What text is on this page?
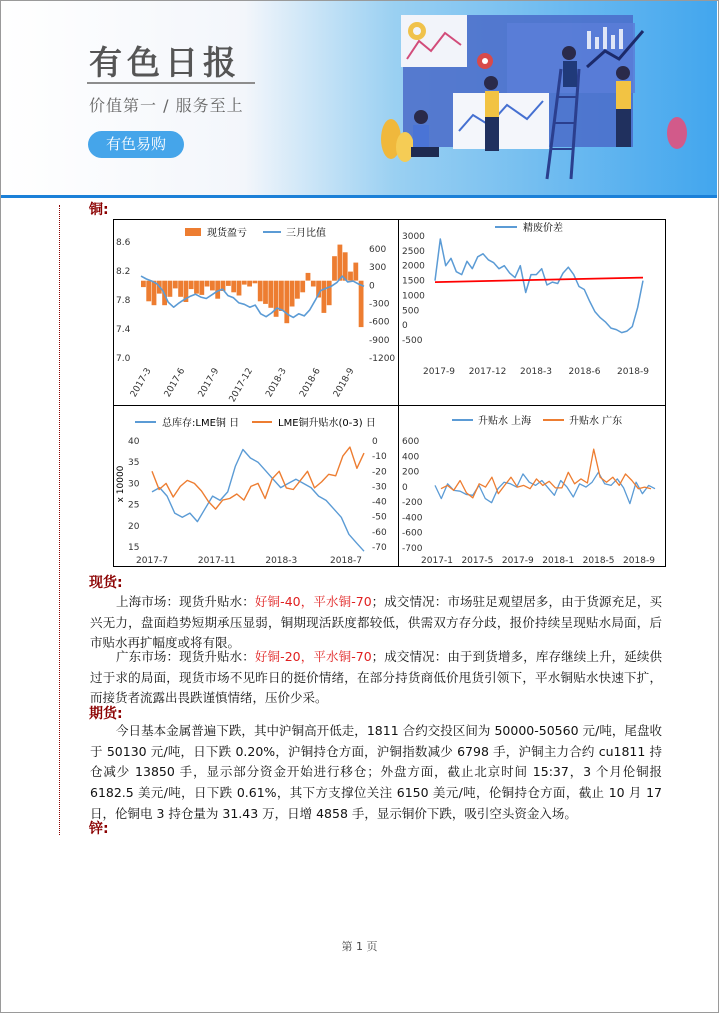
有色日报
价值第一 / 服务至上
有色易购
铜:
现货盈亏	三月比值
8.6
8.2
7.8
7.4
7.0
600
300
0
-300
-600
-900
-1200
2017-3 2017-6 2017-9 2017-12 2018-3 2018-6 2018-9
精废价差
3000
2500
2000
1500
1000
500
0
-500
2017-9 2017-12 2018-3 2018-6 2018-9
总库存:LME铜 日	LME铜升贴水(0-3) 日
x 10000
40
35
30
25
20
15
0
-10
-20
-30
-40
-50
-60
-70
2017-7	2017-11	2018-3	2018-7
升贴水 上海	升贴水 广东
600
400
200
0
-200
-400
-600
-700
2017-1 2017-5 2017-9 2018-1 2018-5 2018-9
现货:
上海市场：现货升贴水：好铜-40，平水铜-70；成交情况：市场驻足观望居多，由于货源充足，买兴无力，盘面趋势短期承压显弱，铜期现活跃度都较低，供需双方存分歧，报价持续呈现贴水局面，后市贴水再扩幅度或将有限。
广东市场：现货升贴水：好铜-20，平水铜-70；成交情况：由于到货增多，库存继续上升，延续供过于求的局面，现货市场不见昨日的挺价情绪，在部分持货商低价甩货引领下，平水铜贴水快速下扩，而接货者流露出畏跌谨慎情绪，压价少采。
期货:
今日基本金属普遍下跌，其中沪铜高开低走，1811 合约交投区间为 50000-50560 元/吨，尾盘收于 50130 元/吨，日下跌 0.20%，沪铜持仓方面，沪铜指数减少 6798 手，沪铜主力合约 cu1811 持仓减少 13850 手，显示部分资金开始进行移仓；外盘方面，截止北京时间 15:37，3 个月伦铜报 6182.5 美元/吨，日下跌 0.61%，其下方支撑位关注 6150 美元/吨，伦铜持仓方面，截止 10 月 17 日，伦铜电 3 持仓量为 31.43 万，日增 4858 手，显示铜价下跌，吸引空头资金入场。
锌:
第 1 页
